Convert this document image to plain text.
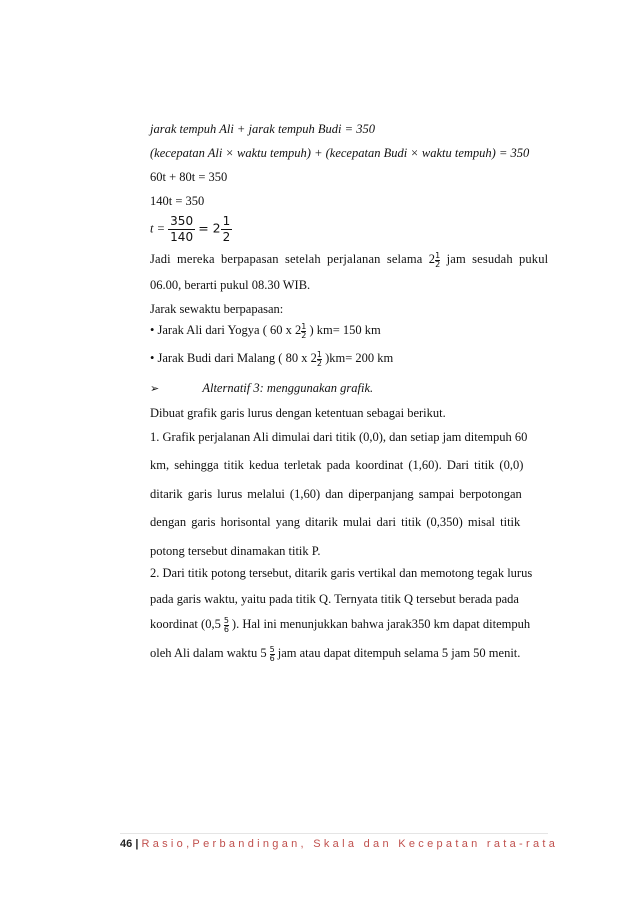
jarak tempuh Ali + jarak tempuh Budi = 350
(kecepatan Ali × waktu tempuh) + (kecepatan Budi × waktu tempuh) = 350
60t + 80t = 350
140t = 350
$t = \frac{350}{140} = 2 \frac{1}{2}$
Jadi mereka berpapasan setelah perjalanan selama $2 \frac{1}{2}$ jam sesudah pukul
06.00, berarti pukul 08.30 WIB.
Jarak sewaktu berpapasan:
• Jarak Ali dari Yogya ( 60 x $2 \frac{1}{2}$ ) km= 150 km
• Jarak Budi dari Malang ( 80 x $2 \frac{1}{2} )km= 200$ km
➢	Alternatif 3: menggunakan grafik.
Dibuat grafik garis lurus dengan ketentuan sebagai berikut.
1. Grafik perjalanan Ali dimulai dari titik (0,0), dan setiap jam ditempuh 60
km, sehingga titik kedua terletak pada koordinat (1,60). Dari titik (0,0)
ditarik garis lurus melalui (1,60) dan diperpanjang sampai berpotongan
dengan garis horisontal yang ditarik mulai dari titik (0,350) misal titik
potong tersebut dinamakan titik P.
2. Dari titik potong tersebut, ditarik garis vertikal dan memotong tegak lurus
pada garis waktu, yaitu pada titik Q. Ternyata titik Q tersebut berada pada
koordinat ($0,5 \frac{5}{6}$ ). Hal ini menunjukkan bahwa jarak350 km dapat ditempuh
oleh Ali dalam waktu $5 \frac{5}{6}$ jam atau dapat ditempuh selama 5 jam 50 menit.
46 | Rasio,Perbandingan, Skala dan Kecepatan rata-rata
